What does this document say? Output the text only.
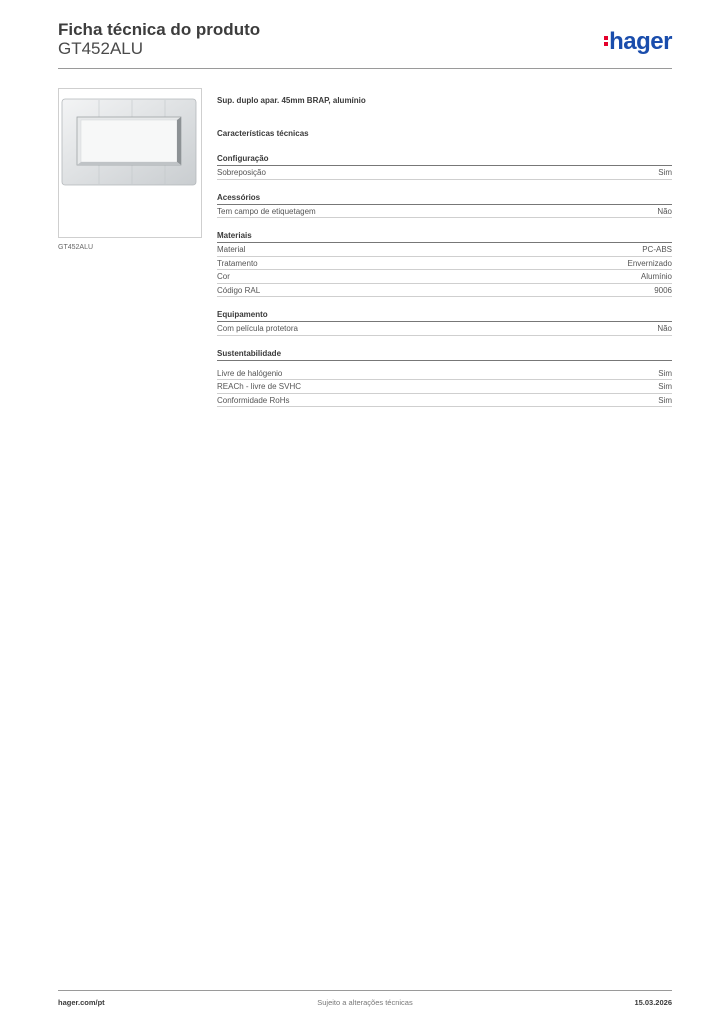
Ficha técnica do produto
GT452ALU	hager
GT452ALU
Sup. duplo apar. 45mm BRAP, alumínio
Características técnicas
Configuração
Sobreposição	Sim
Acessórios
Tem campo de etiquetagem	Não
Materiais
Material	PC-ABS
Tratamento	Envernizado
Cor	Alumínio
Código RAL	9006
Equipamento
Com película protetora	Não
Sustentabilidade
Livre de halógenio	Sim
REACh - livre de SVHC	Sim
Conformidade RoHs	Sim
hager.com/pt	Sujeito a alterações técnicas	15.03.2026
